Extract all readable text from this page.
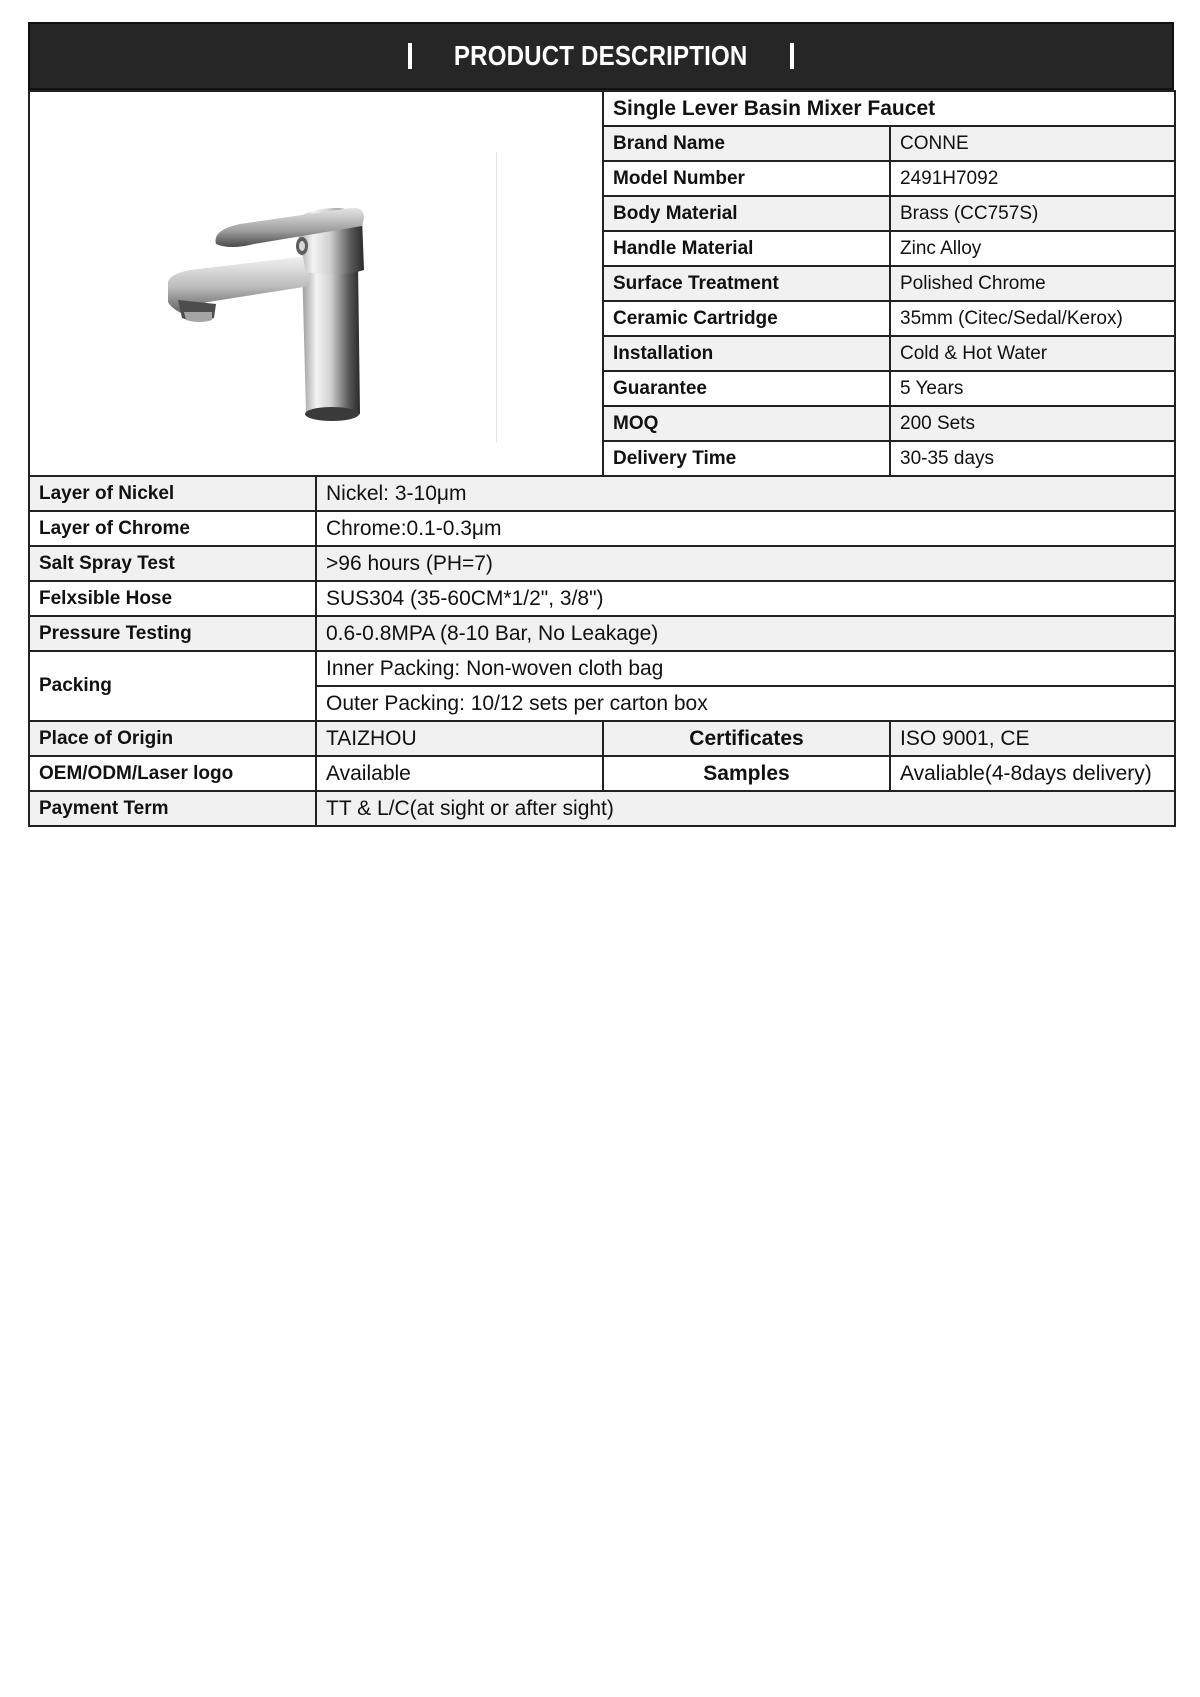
PRODUCT DESCRIPTION
	Single Lever Basin Mixer Faucet	
		Brand Name	CONNE
		Model Number	2491H7092
		Body Material	Brass (CC757S)
		Handle Material	Zinc Alloy
		Surface Treatment	Polished Chrome
		Ceramic Cartridge	35mm (Citec/Sedal/Kerox)
		Installation	Cold & Hot Water
		Guarantee	5 Years
		MOQ	200 Sets
		Delivery Time	30-35 days
Layer of Nickel	Nickel: 3-10μm		
Layer of Chrome	Chrome:0.1-0.3μm		
Salt Spray Test	>96 hours (PH=7)		
Felxsible Hose	SUS304 (35-60CM*1/2", 3/8")		
Pressure Testing	0.6-0.8MPA (8-10 Bar, No Leakage)		
Packing	Inner Packing: Non-woven cloth bag		
	Outer Packing: 10/12 sets per carton box		
Place of Origin	TAIZHOU	Certificates	ISO 9001, CE
OEM/ODM/Laser logo	Available	Samples	Avaliable(4-8days delivery)
Payment Term	TT & L/C(at sight or after sight)		
